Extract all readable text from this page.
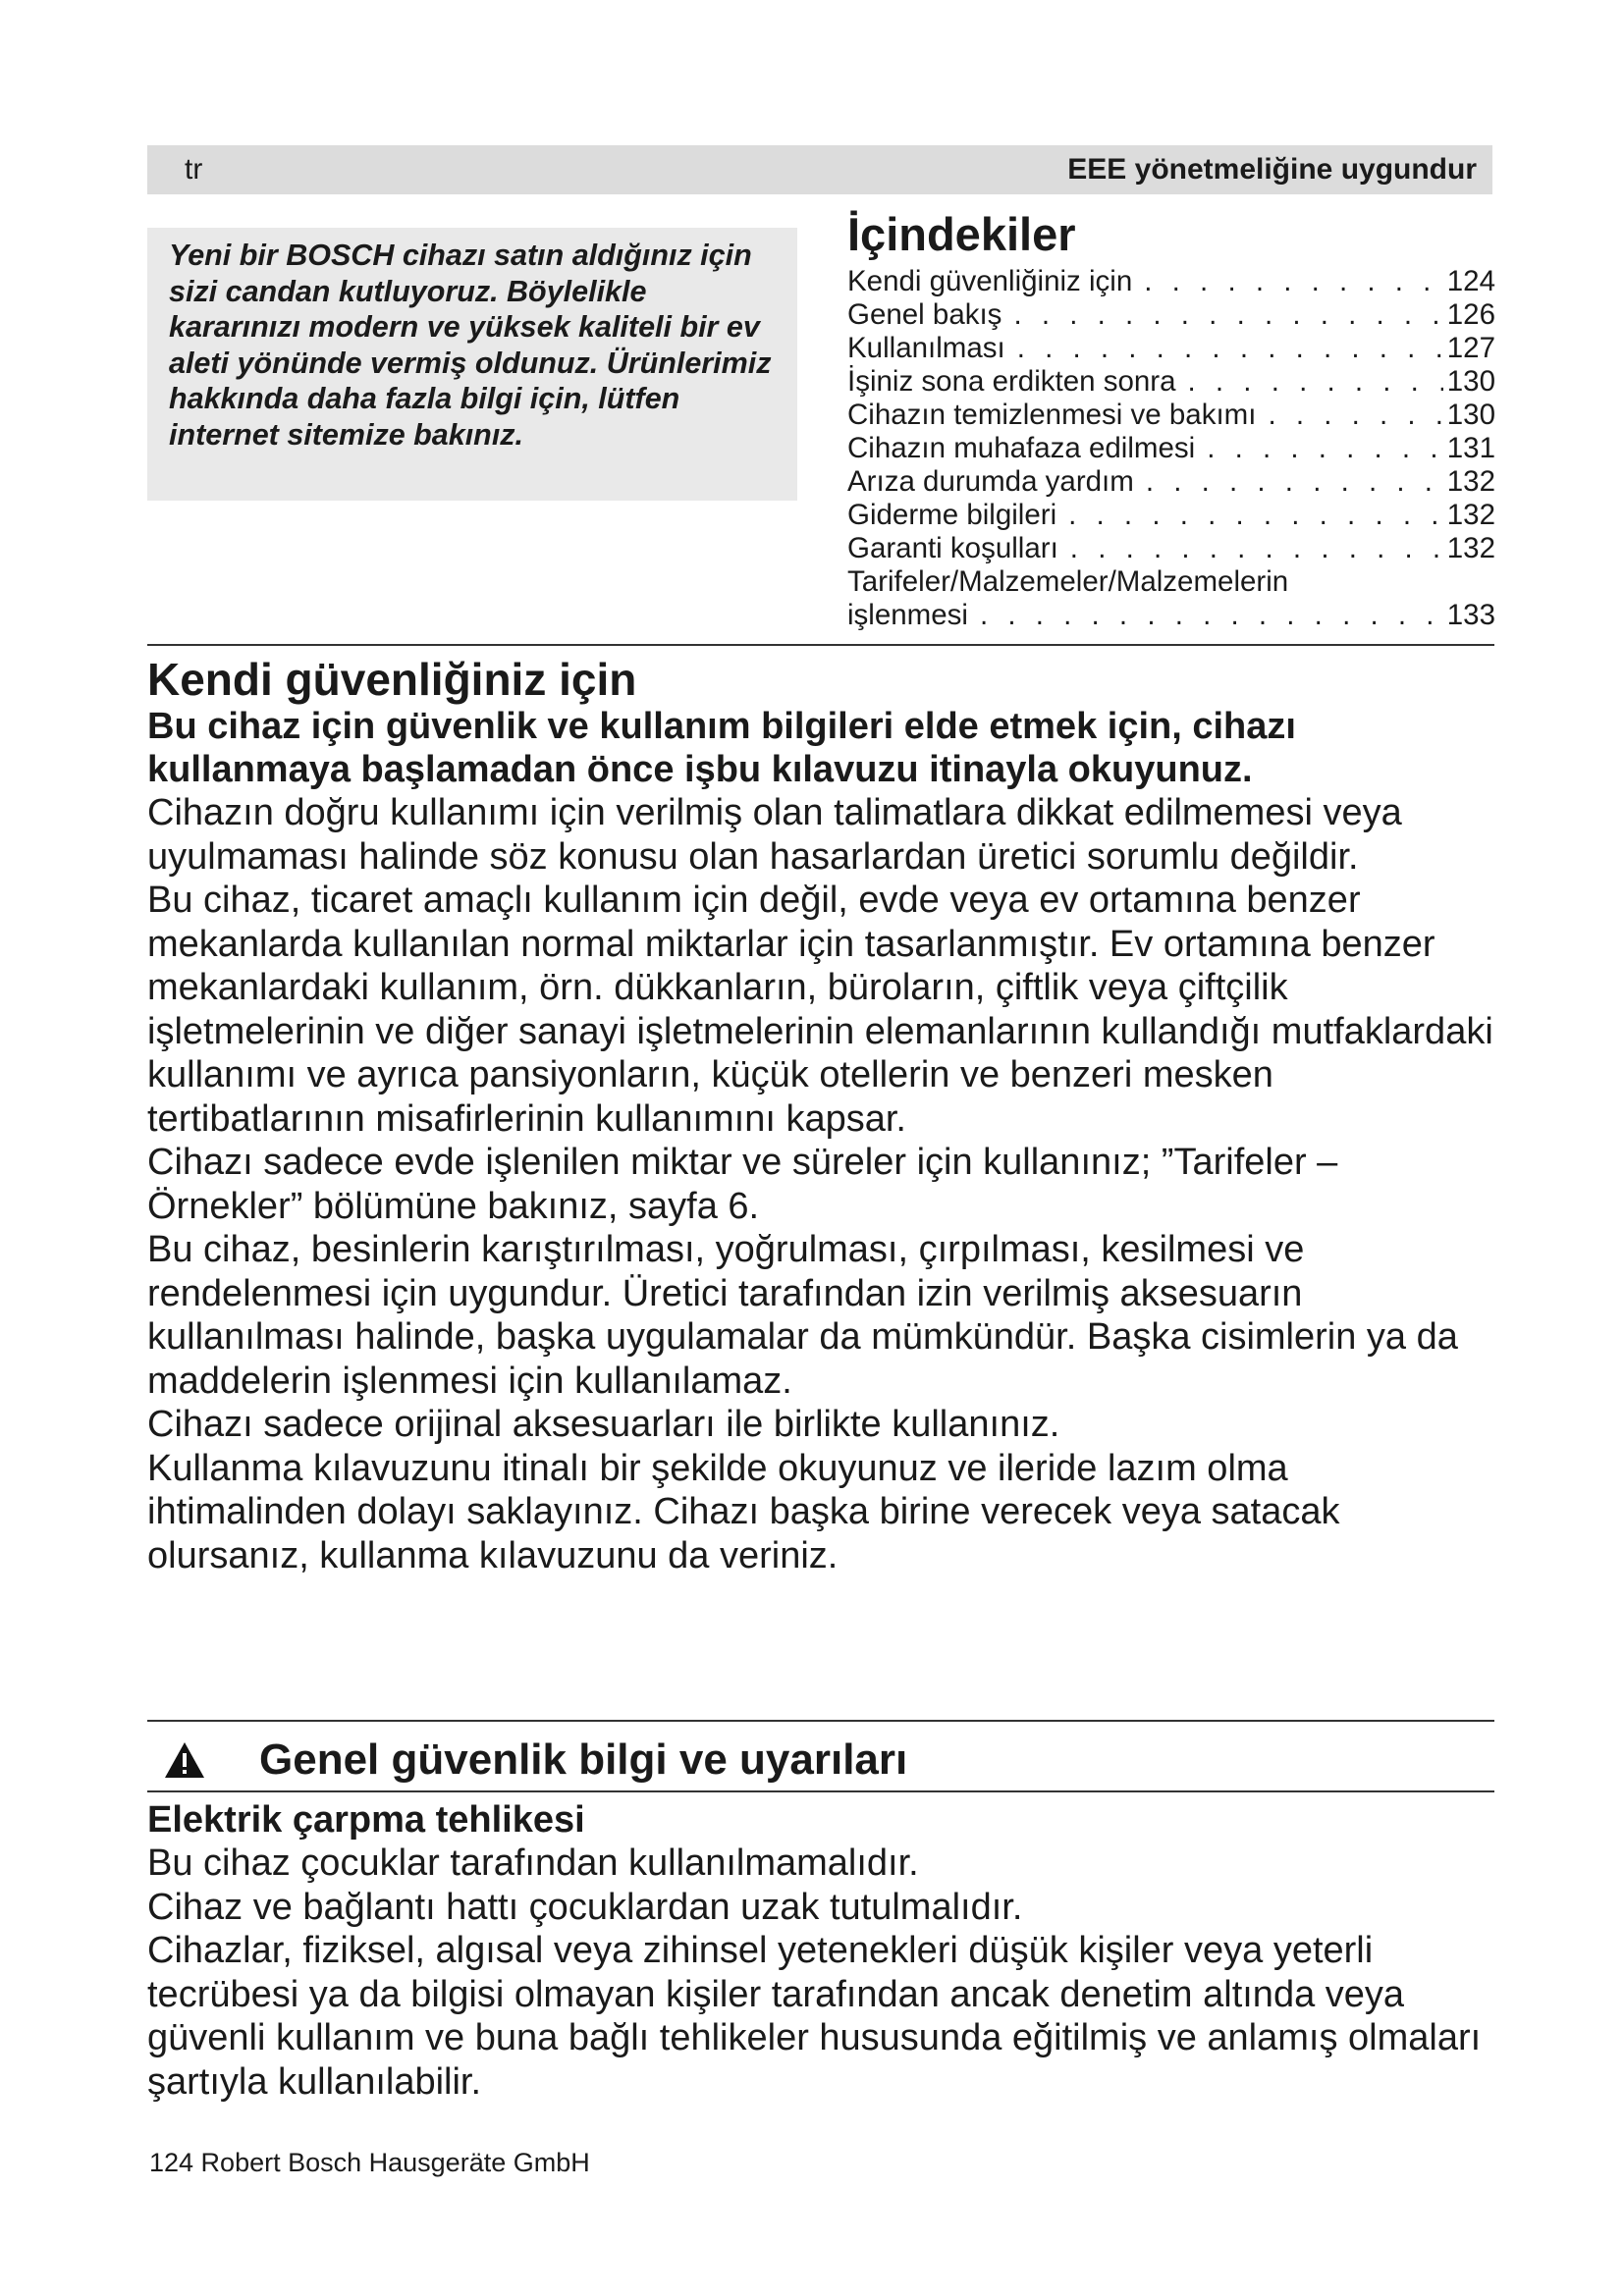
tr	EEE yönetmeliğine uygundur
Yeni bir BOSCH cihazı satın aldığınız için sizi candan kutluyoruz. Böylelikle kararınızı modern ve yüksek kaliteli bir ev aleti yönünde vermiş oldunuz. Ürünlerimiz hakkında daha fazla bilgi için, lütfen internet sitemize bakınız.
İçindekiler
Kendi güvenliğiniz için . . .	124
Genel bakış . . .	126
Kullanılması . . .	127
İşiniz sona erdikten sonra . . .	130
Cihazın temizlenmesi ve bakımı . . .	130
Cihazın muhafaza edilmesi . . .	131
Arıza durumda yardım . . .	132
Giderme bilgileri . . .	132
Garanti koşulları . . .	132
Tarifeler/Malzemeler/Malzemelerin
işlenmesi . . .	133
Kendi güvenliğiniz için

Bu cihaz için güvenlik ve kullanım bilgileri elde etmek için, cihazı kullanmaya başlamadan önce işbu kılavuzu itinayla okuyunuz.

Cihazın doğru kullanımı için verilmiş olan talimatlara dikkat edilmemesi veya uyulmaması halinde söz konusu olan hasarlardan üretici sorumlu değildir.

Bu cihaz, ticaret amaçlı kullanım için değil, evde veya ev ortamına benzer mekanlarda kullanılan normal miktarlar için tasarlanmıştır. Ev ortamına benzer mekanlardaki kullanım, örn. dükkanların, büroların, çiftlik veya çiftçilik işletmelerinin ve diğer sanayi işletmelerinin elemanlarının kullandığı mutfaklardaki kullanımı ve ayrıca pansiyonların, küçük otellerin ve benzeri mesken tertibatlarının misafirlerinin kullanımını kapsar.

Cihazı sadece evde işlenilen miktar ve süreler için kullanınız; ”Tarifeler – Örnekler” bölümüne bakınız, sayfa 6.

Bu cihaz, besinlerin karıştırılması, yoğrulması, çırpılması, kesilmesi ve rendelenmesi için uygundur. Üretici tarafından izin verilmiş aksesuarın kullanılması halinde, başka uygulamalar da mümkündür. Başka cisimlerin ya da maddelerin işlenmesi için kullanılamaz.

Cihazı sadece orijinal aksesuarları ile birlikte kullanınız.

Kullanma kılavuzunu itinalı bir şekilde okuyunuz ve ileride lazım olma ihtimalinden dolayı saklayınız. Cihazı başka birine verecek veya satacak olursanız, kullanma kılavuzunu da veriniz.

Genel güvenlik bilgi ve uyarıları
Elektrik çarpma tehlikesi

Bu cihaz çocuklar tarafından kullanılmamalıdır.

Cihaz ve bağlantı hattı çocuklardan uzak tutulmalıdır.

Cihazlar, fiziksel, algısal veya zihinsel yetenekleri düşük kişiler veya yeterli tecrübesi ya da bilgisi olmayan kişiler tarafından ancak denetim altında veya güvenli kullanım ve buna bağlı tehlikeler hususunda eğitilmiş ve anlamış olmaları şartıyla kullanılabilir.

124 Robert Bosch Hausgeräte GmbH
